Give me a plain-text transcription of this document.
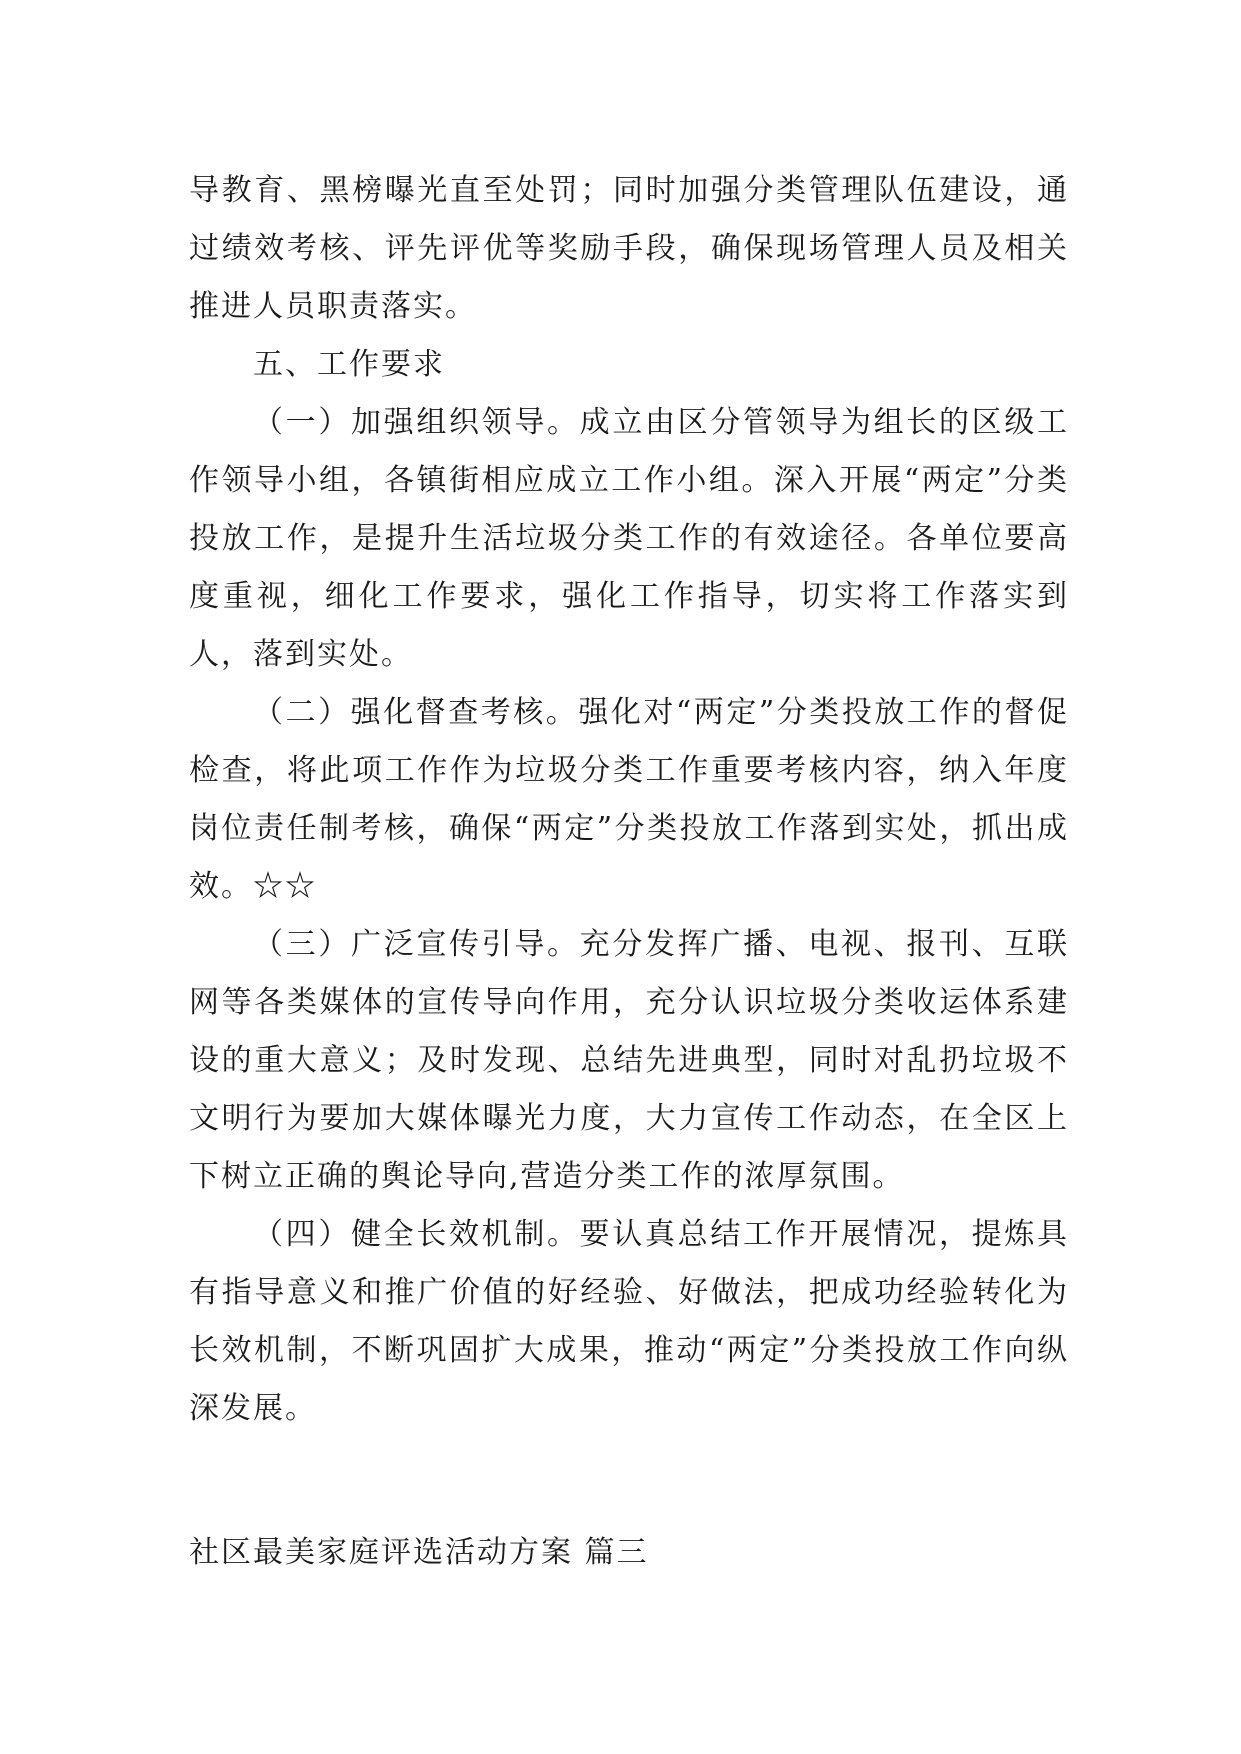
导教育、黑榜曝光直至处罚；同时加强分类管理队伍建设，通过绩效考核、评先评优等奖励手段，确保现场管理人员及相关推进人员职责落实。

五、工作要求

（一）加强组织领导。成立由区分管领导为组长的区级工作领导小组，各镇街相应成立工作小组。深入开展“两定”分类投放工作，是提升生活垃圾分类工作的有效途径。各单位要高度重视，细化工作要求，强化工作指导，切实将工作落实到人，落到实处。

（二）强化督查考核。强化对“两定”分类投放工作的督促检查，将此项工作作为垃圾分类工作重要考核内容，纳入年度岗位责任制考核，确保“两定”分类投放工作落到实处，抓出成效。☆☆

（三）广泛宣传引导。充分发挥广播、电视、报刊、互联网等各类媒体的宣传导向作用，充分认识垃圾分类收运体系建设的重大意义；及时发现、总结先进典型，同时对乱扔垃圾不文明行为要加大媒体曝光力度，大力宣传工作动态，在全区上下树立正确的舆论导向,营造分类工作的浓厚氛围。

（四）健全长效机制。要认真总结工作开展情况，提炼具有指导意义和推广价值的好经验、好做法，把成功经验转化为长效机制，不断巩固扩大成果，推动“两定”分类投放工作向纵深发展。

社区最美家庭评选活动方案 篇三
